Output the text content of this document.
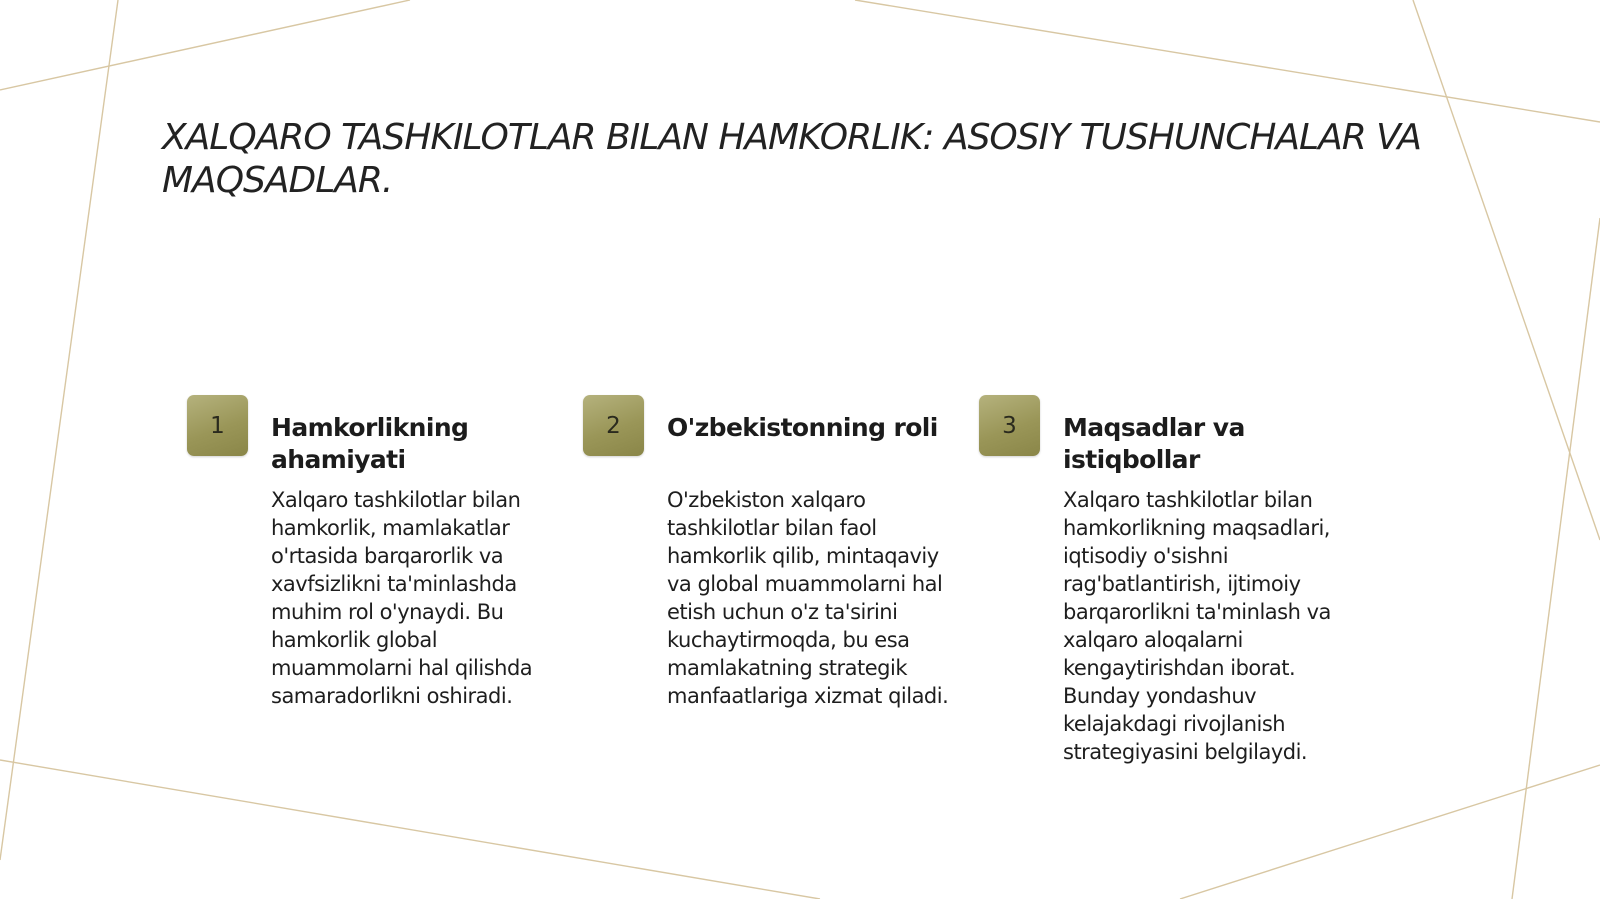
XALQARO TASHKILOTLAR BILAN HAMKORLIK: ASOSIY TUSHUNCHALAR VA MAQSADLAR.
1	Hamkorlikning ahamiyati

Xalqaro tashkilotlar bilan hamkorlik, mamlakatlar o'rtasida barqarorlik va xavfsizlikni ta'minlashda muhim rol o'ynaydi. Bu hamkorlik global muammolarni hal qilishda samaradorlikni oshiradi.

2	O'zbekistonning roli

O'zbekiston xalqaro tashkilotlar bilan faol hamkorlik qilib, mintaqaviy va global muammolarni hal etish uchun o'z ta'sirini kuchaytirmoqda, bu esa mamlakatning strategik manfaatlariga xizmat qiladi.

3	Maqsadlar va istiqbollar

Xalqaro tashkilotlar bilan hamkorlikning maqsadlari, iqtisodiy o'sishni rag'batlantirish, ijtimoiy barqarorlikni ta'minlash va xalqaro aloqalarni kengaytirishdan iborat. Bunday yondashuv kelajakdagi rivojlanish strategiyasini belgilaydi.
